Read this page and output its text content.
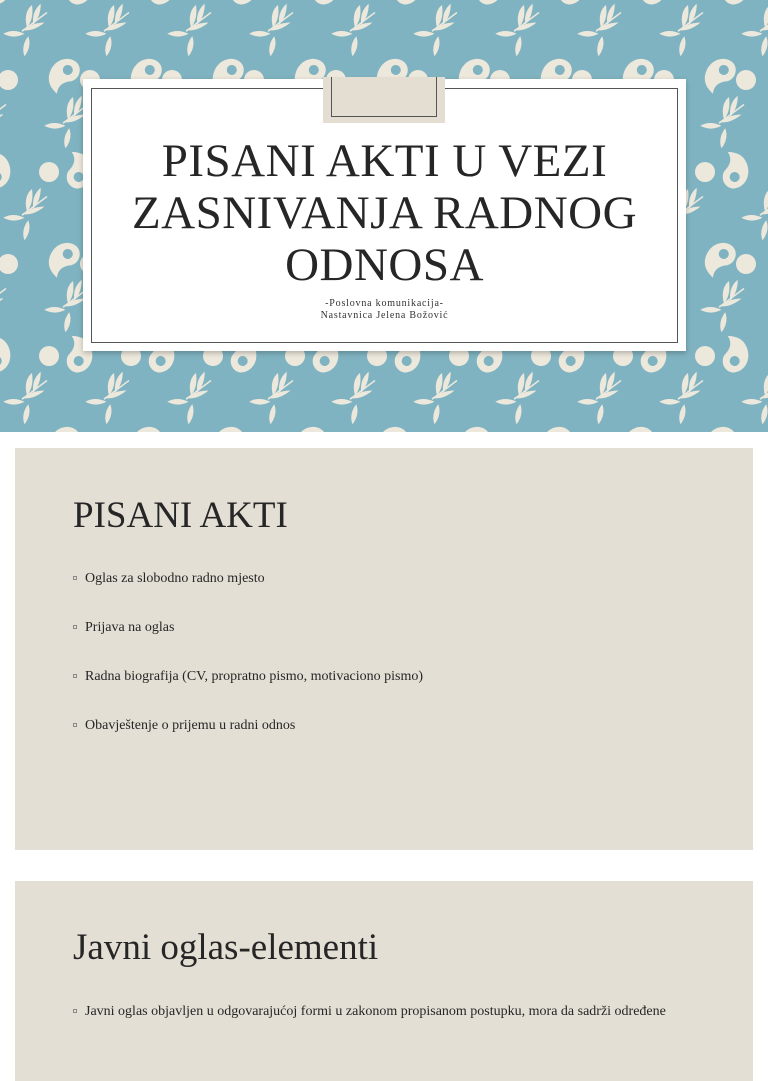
PISANI AKTI U VEZI
ZASNIVANJA RADNOG
ODNOSA
-Poslovna komunikacija-
Nastavnica Jelena Božović
PISANI AKTI
Oglas za slobodno radno mjesto
Prijava na oglas
Radna biografija (CV, propratno pismo, motivaciono pismo)
Obavještenje o prijemu u radni odnos
Javni oglas-elementi
Javni oglas objavljen u odgovarajućoj formi u zakonom propisanom postupku, mora da sadrži određene
